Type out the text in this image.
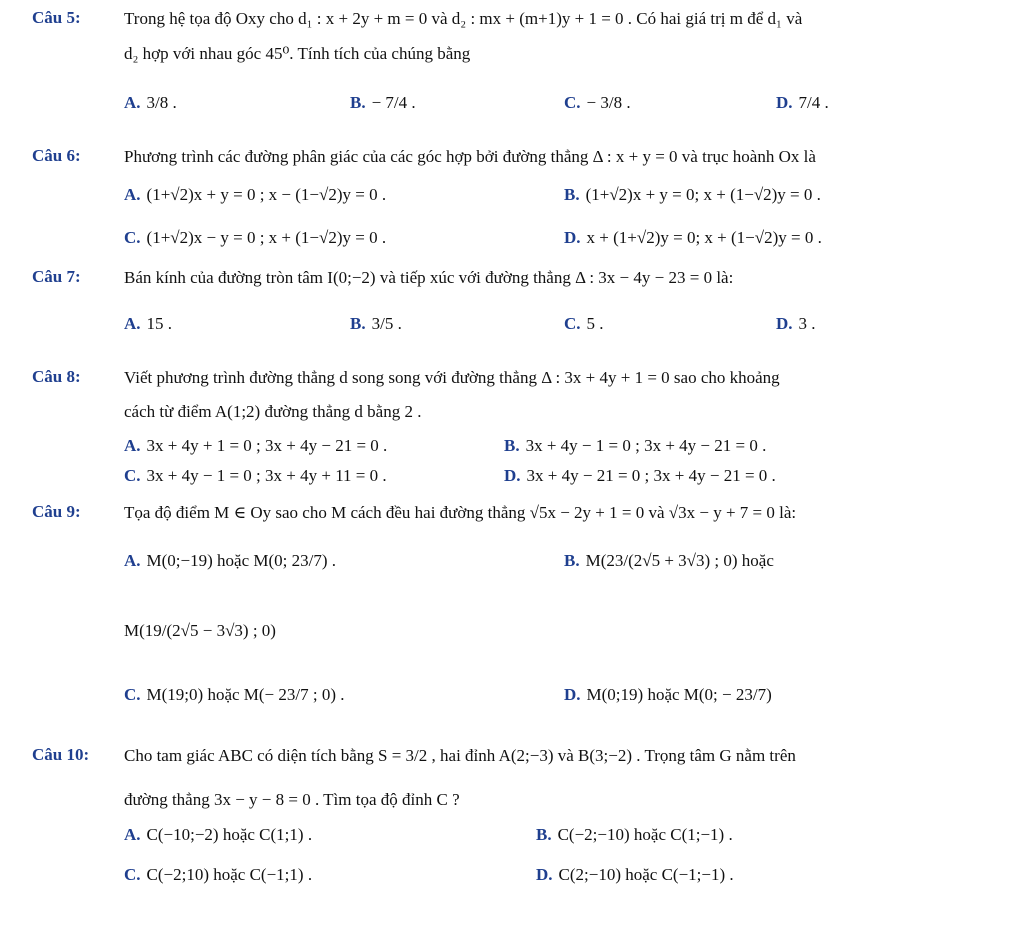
Câu 5:	Trong hệ tọa độ Oxy cho d₁ : x + 2y + m = 0 và d₂ : mx + (m+1)y + 1 = 0 . Có hai giá trị m để d₁ và
d₂ hợp với nhau góc 45⁰. Tính tích của chúng bằng
A. 3/8 .	B. − 7/4 .	C. − 3/8 .	D. 7/4 .
Câu 6:	Phương trình các đường phân giác của các góc hợp bởi đường thẳng Δ : x + y = 0 và trục hoành Ox là
A. (1+√2)x + y = 0 ; x − (1−√2)y = 0 .	B. (1+√2)x + y = 0; x + (1−√2)y = 0 .
C. (1+√2)x − y = 0 ; x + (1−√2)y = 0 .	D. x + (1+√2)y = 0; x + (1−√2)y = 0 .
Câu 7:	Bán kính của đường tròn tâm I(0;−2) và tiếp xúc với đường thẳng Δ : 3x − 4y − 23 = 0 là:
A. 15 .	B. 3/5 .	C. 5 .	D. 3 .
Câu 8:	Viết phương trình đường thẳng d song song với đường thẳng Δ : 3x + 4y + 1 = 0 sao cho khoảng
cách từ điểm A(1;2) đường thẳng d bằng 2 .
A. 3x + 4y + 1 = 0 ; 3x + 4y − 21 = 0 .	B. 3x + 4y − 1 = 0 ; 3x + 4y − 21 = 0 .
C. 3x + 4y − 1 = 0 ; 3x + 4y + 11 = 0 .	D. 3x + 4y − 21 = 0 ; 3x + 4y − 21 = 0 .
Câu 9:	Tọa độ điểm M ∈ Oy sao cho M cách đều hai đường thẳng √5x − 2y + 1 = 0 và √3x − y + 7 = 0 là:
A. M(0;−19) hoặc M(0; 23/7) .	B. M(23/(2√5 + 3√3) ; 0) hoặc
M(19/(2√5 − 3√3) ; 0)
C. M(19;0) hoặc M(− 23/7 ; 0) .	D. M(0;19) hoặc M(0; − 23/7)
Câu 10: Cho tam giác ABC có diện tích bằng S = 3/2 , hai đỉnh A(2;−3) và B(3;−2) . Trọng tâm G nằm trên
đường thẳng 3x − y − 8 = 0 . Tìm tọa độ đỉnh C ?
A. C(−10;−2) hoặc C(1;1) .	B. C(−2;−10) hoặc C(1;−1) .
C. C(−2;10) hoặc C(−1;1) .	D. C(2;−10) hoặc C(−1;−1) .
